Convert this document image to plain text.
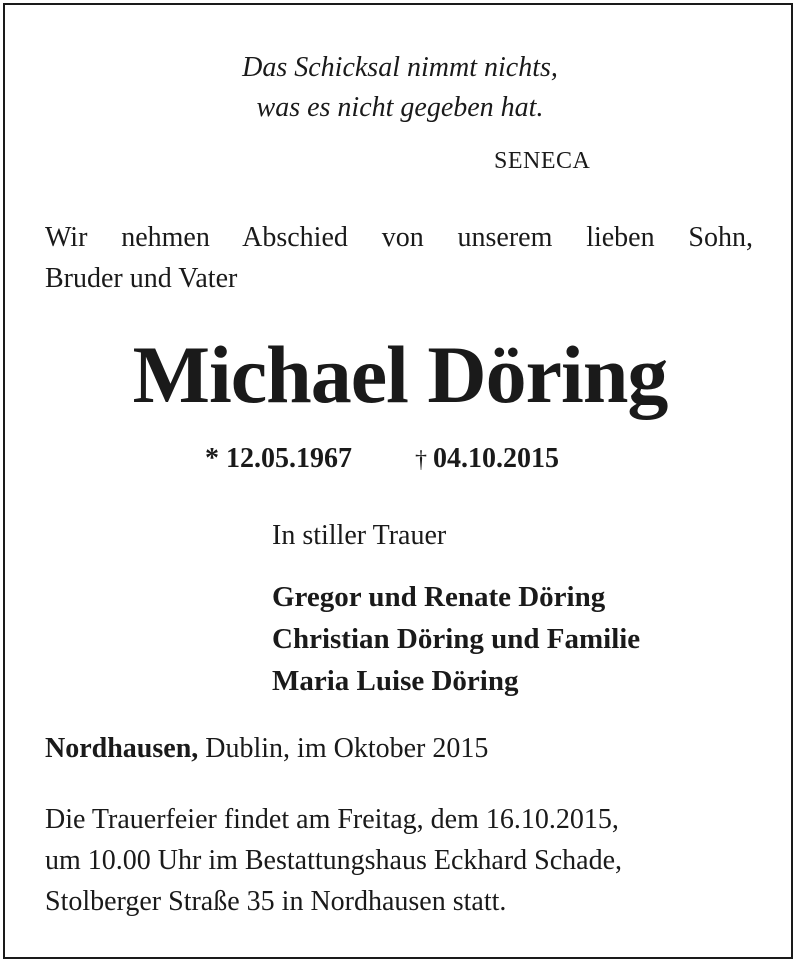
Das Schicksal nimmt nichts,
was es nicht gegeben hat.
SENECA
Wir nehmen Abschied von unserem lieben Sohn,
Bruder und Vater
Michael Döring
* 12.05.1967	† 04.10.2015
In stiller Trauer
Gregor und Renate Döring
Christian Döring und Familie
Maria Luise Döring
Nordhausen, Dublin, im Oktober 2015
Die Trauerfeier findet am Freitag, dem 16.10.2015,
um 10.00 Uhr im Bestattungshaus Eckhard Schade,
Stolberger Straße 35 in Nordhausen statt.
